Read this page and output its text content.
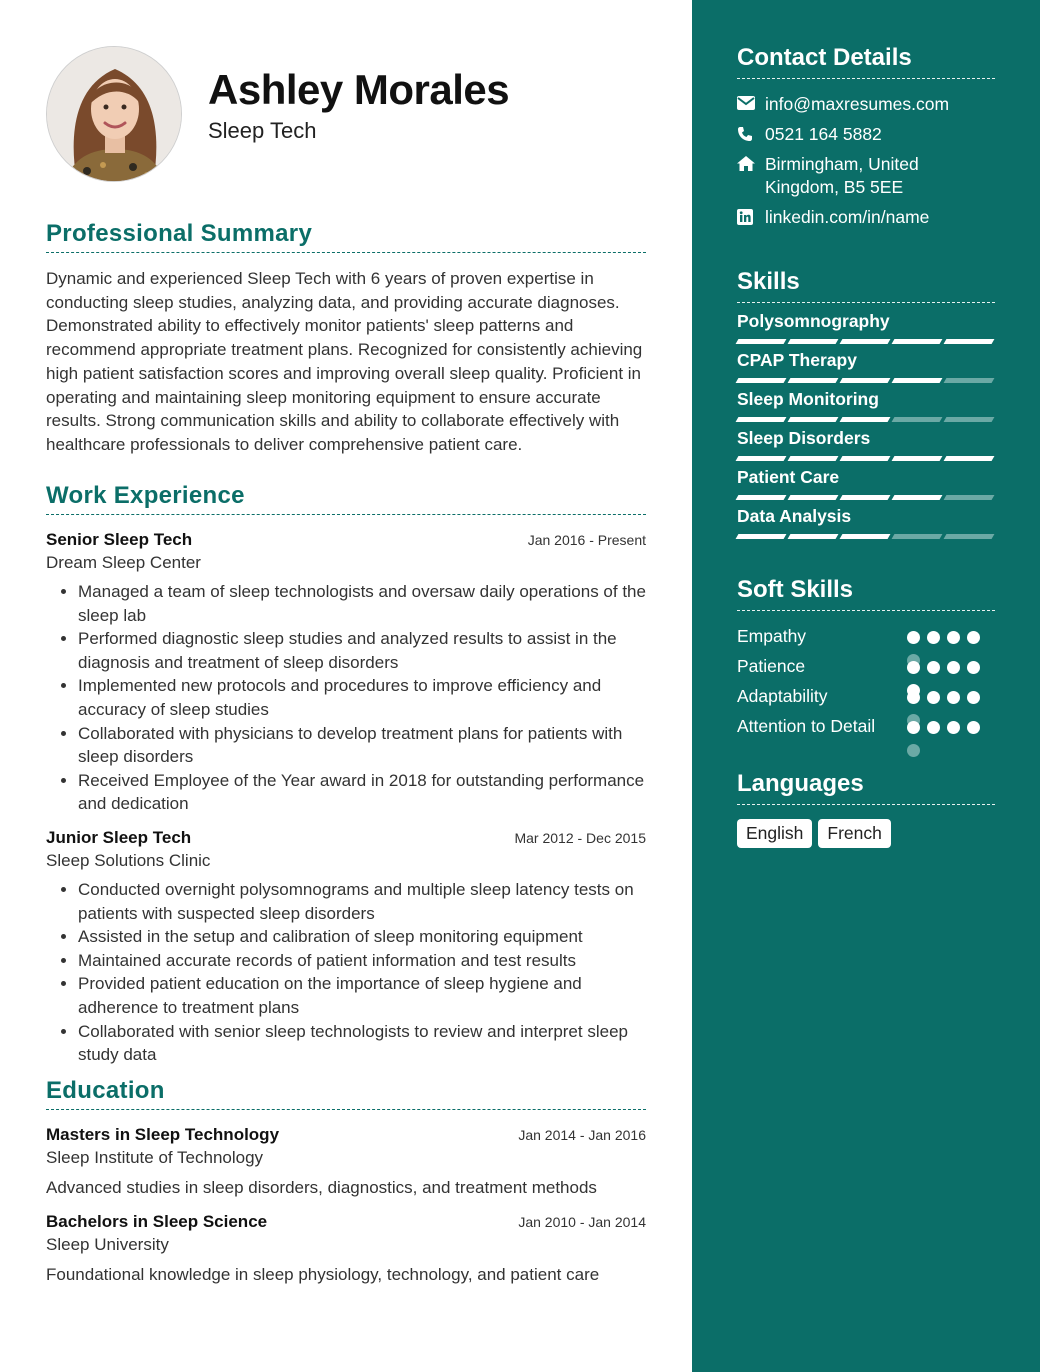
Ashley Morales
Sleep Tech
Professional Summary
Dynamic and experienced Sleep Tech with 6 years of proven expertise in conducting sleep studies, analyzing data, and providing accurate diagnoses. Demonstrated ability to effectively monitor patients' sleep patterns and recommend appropriate treatment plans. Recognized for consistently achieving high patient satisfaction scores and improving overall sleep quality. Proficient in operating and maintaining sleep monitoring equipment to ensure accurate results. Strong communication skills and ability to collaborate effectively with healthcare professionals to deliver comprehensive patient care.
Work Experience
Senior Sleep Tech	Jan 2016 - Present
Dream Sleep Center
• Managed a team of sleep technologists and oversaw daily operations of the sleep lab
• Performed diagnostic sleep studies and analyzed results to assist in the diagnosis and treatment of sleep disorders
• Implemented new protocols and procedures to improve efficiency and accuracy of sleep studies
• Collaborated with physicians to develop treatment plans for patients with sleep disorders
• Received Employee of the Year award in 2018 for outstanding performance and dedication
Junior Sleep Tech	Mar 2012 - Dec 2015
Sleep Solutions Clinic
• Conducted overnight polysomnograms and multiple sleep latency tests on patients with suspected sleep disorders
• Assisted in the setup and calibration of sleep monitoring equipment
• Maintained accurate records of patient information and test results
• Provided patient education on the importance of sleep hygiene and adherence to treatment plans
• Collaborated with senior sleep technologists to review and interpret sleep study data
Education
Masters in Sleep Technology	Jan 2014 - Jan 2016
Sleep Institute of Technology
Advanced studies in sleep disorders, diagnostics, and treatment methods
Bachelors in Sleep Science	Jan 2010 - Jan 2014
Sleep University
Foundational knowledge in sleep physiology, technology, and patient care
Contact Details
info@maxresumes.com
0521 164 5882
Birmingham, United Kingdom, B5 5EE
linkedin.com/in/name
Skills
Polysomnography
CPAP Therapy
Sleep Monitoring
Sleep Disorders
Patient Care
Data Analysis
Soft Skills
Empathy
Patience
Adaptability
Attention to Detail
Languages
English	French
